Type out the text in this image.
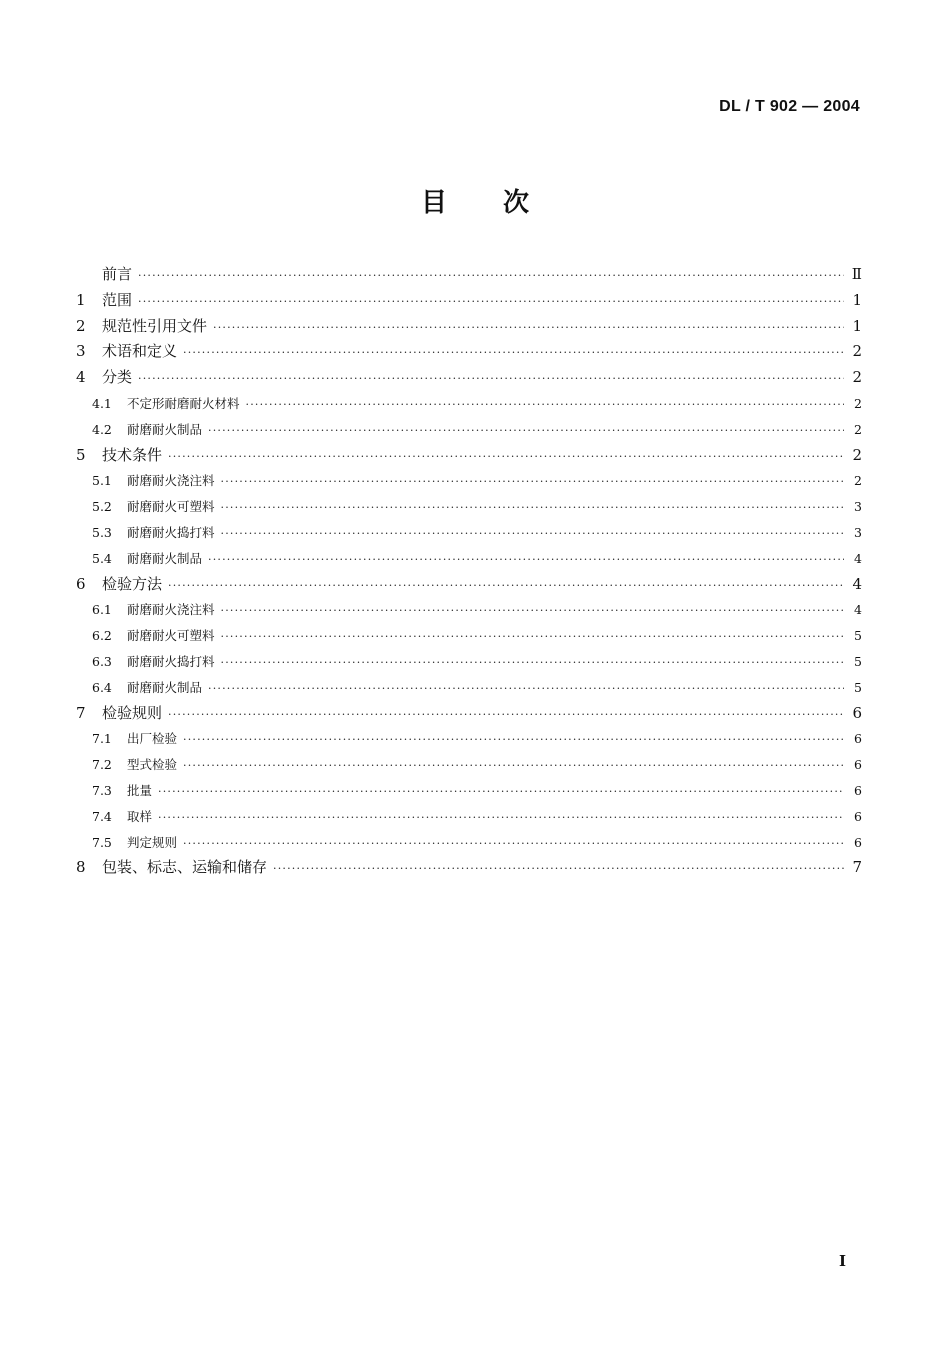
DL / T 902 — 2004
目 次
前言 ·····	Ⅱ
1	范围 ·····	1
2	规范性引用文件 ·····	1
3	术语和定义 ·····	2
4	分类 ·····	2
4.1	不定形耐磨耐火材料 ·····	2
4.2	耐磨耐火制品 ·····	2
5	技术条件 ·····	2
5.1	耐磨耐火浇注料 ·····	2
5.2	耐磨耐火可塑料 ·····	3
5.3	耐磨耐火捣打料 ·····	3
5.4	耐磨耐火制品 ·····	4
6	检验方法 ·····	4
6.1	耐磨耐火浇注料 ·····	4
6.2	耐磨耐火可塑料 ·····	5
6.3	耐磨耐火捣打料 ·····	5
6.4	耐磨耐火制品 ·····	5
7	检验规则 ·····	6
7.1	出厂检验 ·····	6
7.2	型式检验 ·····	6
7.3	批量 ·····	6
7.4	取样 ·····	6
7.5	判定规则 ·····	6
8	包装、标志、运输和储存 ·····	7
I
